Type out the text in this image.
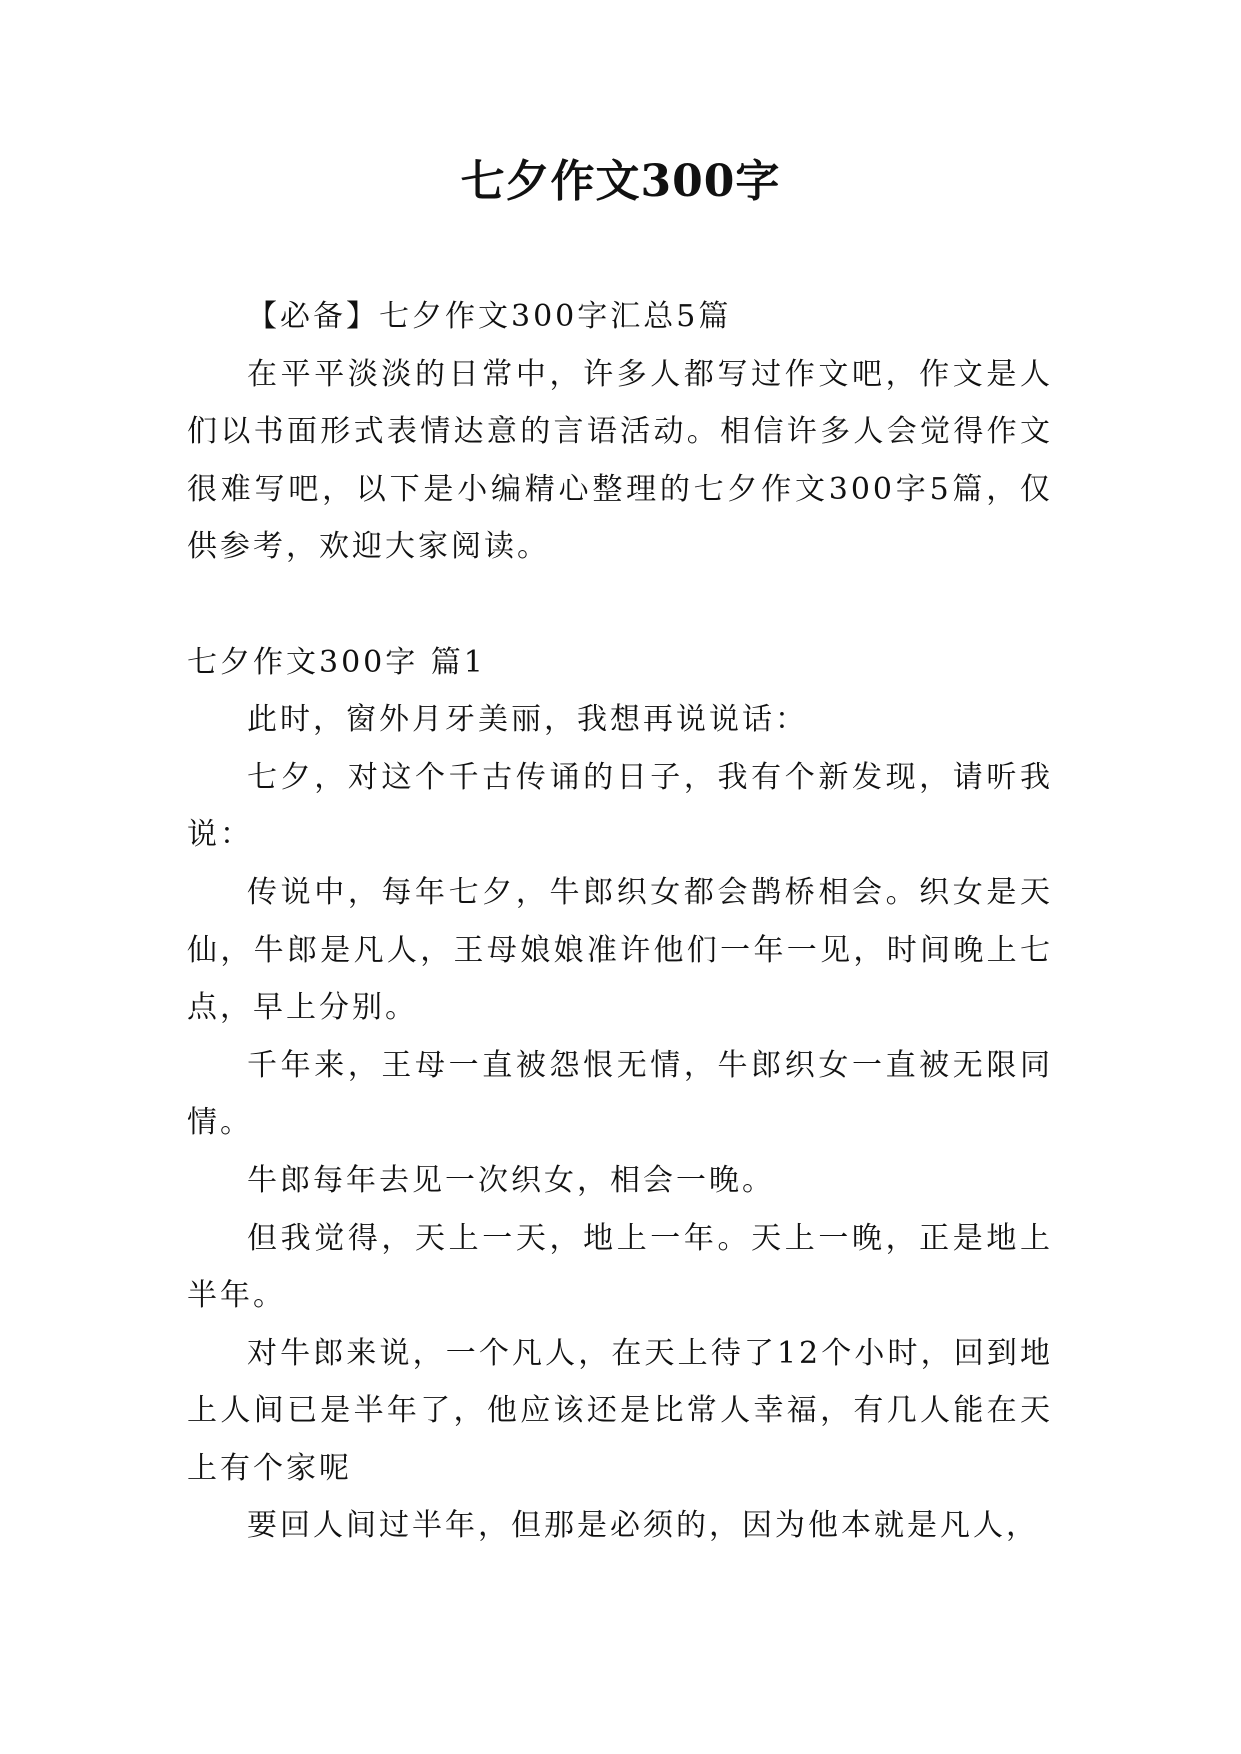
七夕作文300字

【必备】七夕作文300字汇总5篇

在平平淡淡的日常中，许多人都写过作文吧，作文是人们以书面形式表情达意的言语活动。相信许多人会觉得作文很难写吧，以下是小编精心整理的七夕作文300字5篇，仅供参考，欢迎大家阅读。

七夕作文300字 篇1

此时，窗外月牙美丽，我想再说说话：

七夕，对这个千古传诵的日子，我有个新发现，请听我说：

传说中，每年七夕，牛郎织女都会鹊桥相会。织女是天仙，牛郎是凡人，王母娘娘准许他们一年一见，时间晚上七点，早上分别。

千年来，王母一直被怨恨无情，牛郎织女一直被无限同情。

牛郎每年去见一次织女，相会一晚。

但我觉得，天上一天，地上一年。天上一晚，正是地上半年。

对牛郎来说，一个凡人，在天上待了12个小时，回到地上人间已是半年了，他应该还是比常人幸福，有几人能在天上有个家呢

要回人间过半年，但那是必须的，因为他本就是凡人，
